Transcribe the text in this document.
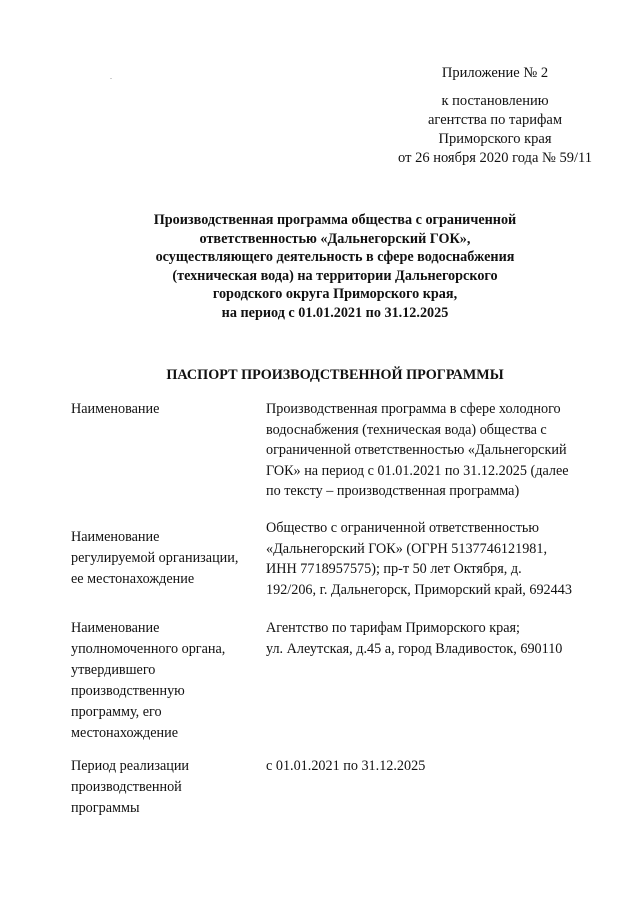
Приложение № 2
к постановлению
агентства по тарифам
Приморского края
от 26 ноября 2020 года № 59/11
Производственная программа общества с ограниченной
ответственностью «Дальнегорский ГОК»,
осуществляющего деятельность в сфере водоснабжения
(техническая вода) на территории Дальнегорского
городского округа Приморского края,
на период с 01.01.2021 по 31.12.2025
ПАСПОРТ ПРОИЗВОДСТВЕННОЙ ПРОГРАММЫ
Наименование	Производственная программа в сфере холодного
водоснабжения (техническая вода) общества с
ограниченной ответственностью «Дальнегорский
ГОК» на период с 01.01.2021 по 31.12.2025 (далее
по тексту – производственная программа)
Наименование
регулируемой организации,
ее местонахождение
Общество с ограниченной ответственностью
«Дальнегорский ГОК» (ОГРН 5137746121981,
ИНН 7718957575); пр-т 50 лет Октября, д.
192/206, г. Дальнегорск, Приморский край, 692443
Наименование
уполномоченного органа,
утвердившего
производственную
программу, его
местонахождение
Агентство по тарифам Приморского края;
ул. Алеутская, д.45 а, город Владивосток, 690110
Период реализации
производственной
программы
с 01.01.2021 по 31.12.2025
